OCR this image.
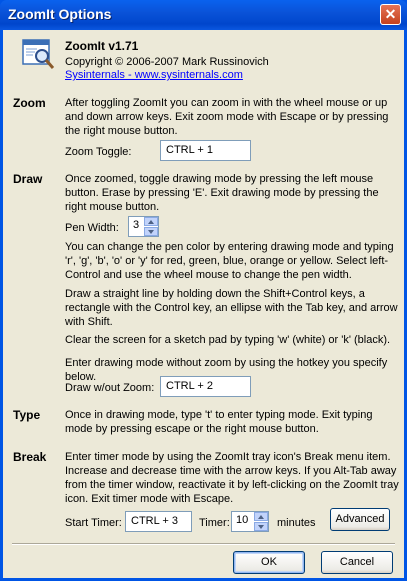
ZoomIt Options	✕
ZoomIt v1.71
Copyright © 2006-2007 Mark Russinovich
Sysinternals - www.sysinternals.com
Zoom After toggling ZoomIt you can zoom in with the wheel mouse or up and down arrow keys. Exit zoom mode with Escape or by pressing the right mouse button.
Zoom Toggle:	CTRL + 1
Draw Once zoomed, toggle drawing mode by pressing the left mouse button. Erase by pressing 'E'. Exit drawing mode by pressing the right mouse button.
Pen Width: 3
You can change the pen color by entering drawing mode and typing 'r', 'g', 'b', 'o' or 'y' for red, green, blue, orange or yellow. Select left-Control and use the wheel mouse to change the pen width.
Draw a straight line by holding down the Shift+Control keys, a rectangle with the Control key, an ellipse with the Tab key, and arrow with Shift.
Clear the screen for a sketch pad by typing 'w' (white) or 'k' (black).
Enter drawing mode without zoom by using the hotkey you specify below.
Draw w/out Zoom:	CTRL + 2
Type Once in drawing mode, type 't' to enter typing mode. Exit typing mode by pressing escape or the right mouse button.
Break Enter timer mode by using the ZoomIt tray icon's Break menu item. Increase and decrease time with the arrow keys. If you Alt-Tab away from the timer window, reactivate it by left-clicking on the ZoomIt tray icon. Exit timer mode with Escape.
Start Timer: CTRL + 3	Timer: 10	minutes	Advanced
OK	Cancel
